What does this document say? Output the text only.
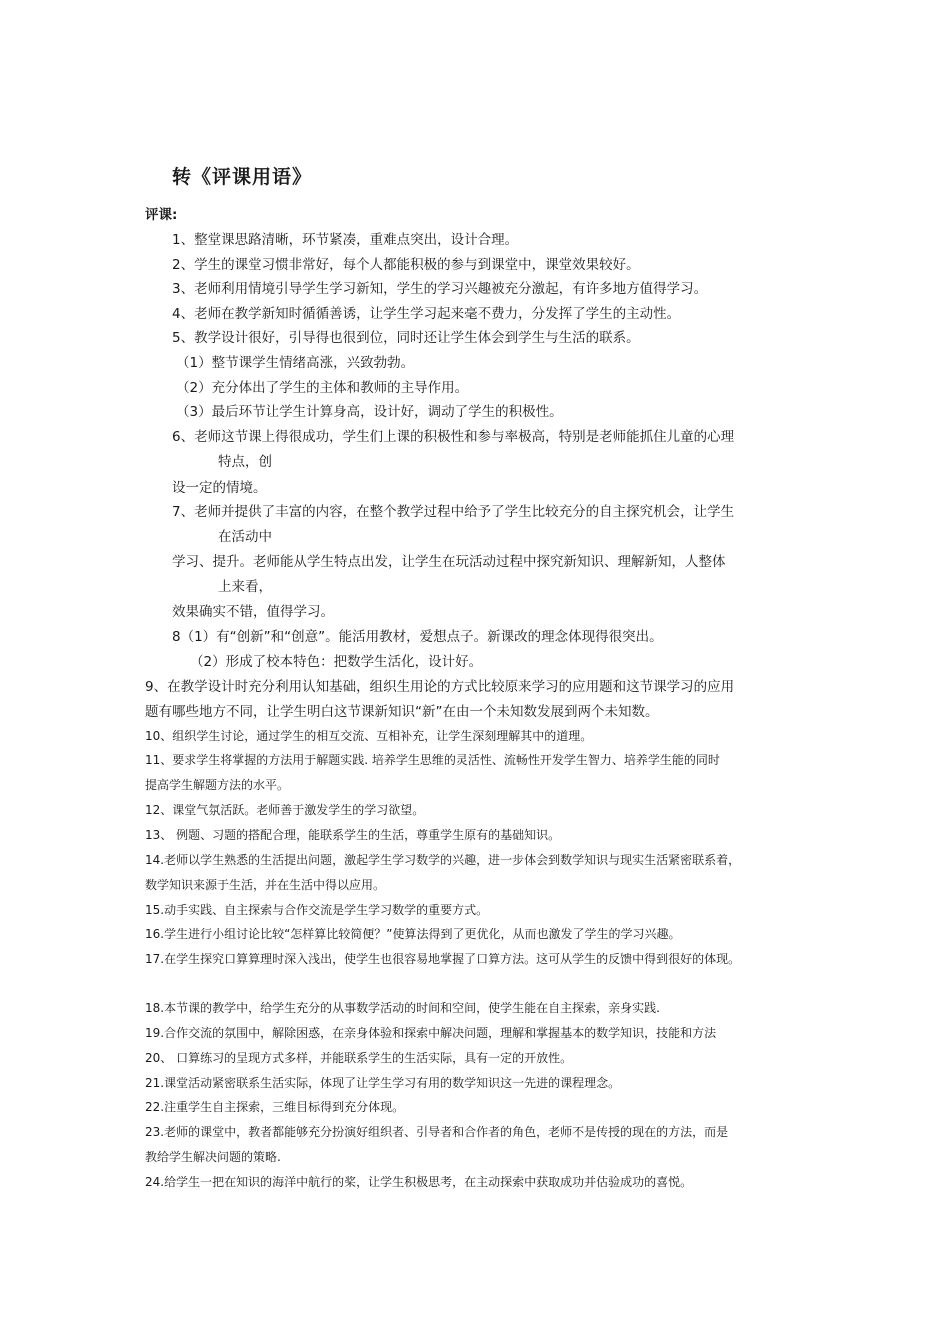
转《评课用语》
评课:
1、整堂课思路清晰，环节紧凑，重难点突出，设计合理。
2、学生的课堂习惯非常好，每个人都能积极的参与到课堂中，课堂效果较好。
3、老师利用情境引导学生学习新知，学生的学习兴趣被充分激起，有许多地方值得学习。
4、老师在教学新知时循循善诱，让学生学习起来毫不费力，分发挥了学生的主动性。
5、教学设计很好，引导得也很到位，同时还让学生体会到学生与生活的联系。
（1）整节课学生情绪高涨，兴致勃勃。
（2）充分体出了学生的主体和教师的主导作用。
（3）最后环节让学生计算身高，设计好，调动了学生的积极性。
6、老师这节课上得很成功，学生们上课的积极性和参与率极高，特别是老师能抓住儿童的心理
特点，创
设一定的情境。
7、老师并提供了丰富的内容，在整个教学过程中给予了学生比较充分的自主探究机会，让学生
在活动中
学习、提升。老师能从学生特点出发，让学生在玩活动过程中探究新知识、理解新知，人整体
上来看，
效果确实不错，值得学习。
8（1）有“创新”和“创意”。能活用教材，爱想点子。新课改的理念体现得很突出。
（2）形成了校本特色：把数学生活化，设计好。
9、在教学设计时充分利用认知基础，组织生用论的方式比较原来学习的应用题和这节课学习的应用
题有哪些地方不同，让学生明白这节课新知识“新”在由一个未知数发展到两个未知数。
10、组织学生讨论，通过学生的相互交流、互相补充，让学生深刻理解其中的道理。
11、要求学生将掌握的方法用于解题实践. 培养学生思维的灵活性、流畅性开发学生智力、培养学生能的同时
提高学生解题方法的水平。
12、课堂气氛活跃。老师善于激发学生的学习欲望。
13、 例题、习题的搭配合理，能联系学生的生活，尊重学生原有的基础知识。
14.老师以学生熟悉的生活提出问题，激起学生学习数学的兴趣，进一步体会到数学知识与现实生活紧密联系着，
数学知识来源于生活，并在生活中得以应用。
15.动手实践、自主探索与合作交流是学生学习数学的重要方式。
16.学生进行小组讨论比较“怎样算比较简便？”使算法得到了更优化，从而也激发了学生的学习兴趣。
17.在学生探究口算算理时深入浅出，使学生也很容易地掌握了口算方法。这可从学生的反馈中得到很好的体现。
18.本节课的教学中，给学生充分的从事数学活动的时间和空间，使学生能在自主探索，亲身实践.
19.合作交流的氛围中，解除困惑，在亲身体验和探索中解决问题，理解和掌握基本的数学知识，技能和方法
20、 口算练习的呈现方式多样，并能联系学生的生活实际，具有一定的开放性。
21.课堂活动紧密联系生活实际，体现了让学生学习有用的数学知识这一先进的课程理念。
22.注重学生自主探索，三维目标得到充分体现。
23.老师的课堂中，教者都能够充分扮演好组织者、引导者和合作者的角色，老师不是传授的现在的方法，而是
教给学生解决问题的策略.
24.给学生一把在知识的海洋中航行的桨，让学生积极思考，在主动探索中获取成功并估验成功的喜悦。
